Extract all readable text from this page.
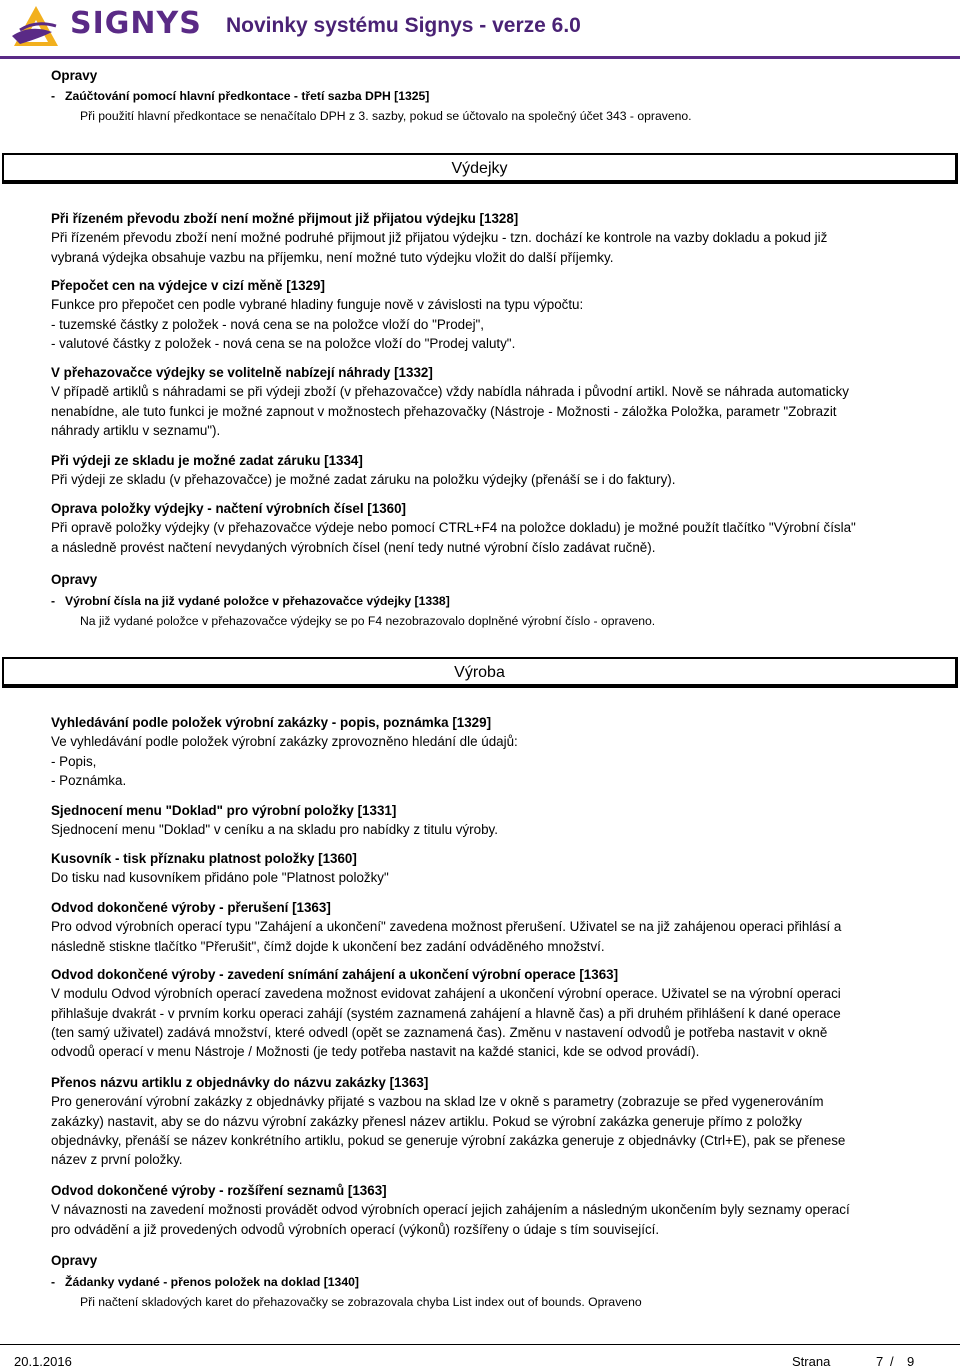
SIGNYS Novinky systému Signys - verze 6.0
Opravy
- Zaúčtování pomocí hlavní předkontace - třetí sazba DPH [1325]
Při použití hlavní předkontace se nenačítalo DPH z 3. sazby, pokud se účtovalo na společný účet 343 - opraveno.
Výdejky
Při řízeném převodu zboží není možné přijmout již přijatou výdejku [1328]
Při řízeném převodu zboží není možné podruhé přijmout již přijatou výdejku - tzn. dochází ke kontrole na vazby dokladu a pokud již
vybraná výdejka obsahuje vazbu na příjemku, není možné tuto výdejku vložit do další příjemky.
Přepočet cen na výdejce v cizí měně [1329]
Funkce pro přepočet cen podle vybrané hladiny funguje nově v závislosti na typu výpočtu:
- tuzemské částky z položek - nová cena se na položce vloží do "Prodej",
- valutové částky z položek - nová cena se na položce vloží do "Prodej valuty".
V přehazovačce výdejky se volitelně nabízejí náhrady [1332]
V případě artiklů s náhradami se při výdeji zboží (v přehazovačce) vždy nabídla náhrada i původní artikl. Nově se náhrada automaticky
nenabídne, ale tuto funkci je možné zapnout v možnostech přehazovačky (Nástroje - Možnosti - záložka Položka, parametr "Zobrazit
náhrady artiklu v seznamu").
Při výdeji ze skladu je možné zadat záruku [1334]
Při výdeji ze skladu (v přehazovačce) je možné zadat záruku na položku výdejky (přenáší se i do faktury).
Oprava položky výdejky - načtení výrobních čísel [1360]
Při opravě položky výdejky (v přehazovačce výdeje nebo pomocí CTRL+F4 na položce dokladu) je možné použít tlačítko "Výrobní čísla"
a následně provést načtení nevydaných výrobních čísel (není tedy nutné výrobní číslo zadávat ručně).
Opravy
- Výrobní čísla na již vydané položce v přehazovačce výdejky [1338]
Na již vydané položce v přehazovačce výdejky se po F4 nezobrazovalo doplněné výrobní číslo - opraveno.
Výroba
Vyhledávání podle položek výrobní zakázky - popis, poznámka [1329]
Ve vyhledávání podle položek výrobní zakázky zprovozněno hledání dle údajů:
- Popis,
- Poznámka.
Sjednocení menu "Doklad" pro výrobní položky [1331]
Sjednocení menu "Doklad" v ceníku a na skladu pro nabídky z titulu výroby.
Kusovník - tisk příznaku platnost položky [1360]
Do tisku nad kusovníkem přidáno pole "Platnost položky"
Odvod dokončené výroby - přerušení [1363]
Pro odvod výrobních operací typu "Zahájení a ukončení" zavedena možnost přerušení. Uživatel se na již zahájenou operaci přihlásí a
následně stiskne tlačítko "Přerušit", čímž dojde k ukončení bez zadání odváděného množství.
Odvod dokončené výroby - zavedení snímání zahájení a ukončení výrobní operace [1363]
V modulu Odvod výrobních operací zavedena možnost evidovat zahájení a ukončení výrobní operace. Uživatel se na výrobní operaci
přihlašuje dvakrát - v prvním korku operaci zahájí (systém zaznamená zahájení a hlavně čas) a při druhém přihlášení k dané operace
(ten samý uživatel) zadává množství, které odvedl (opět se zaznamená čas). Změnu v nastavení odvodů je potřeba nastavit v okně
odvodů operací v menu Nástroje / Možnosti (je tedy potřeba nastavit na každé stanici, kde se odvod provádí).
Přenos názvu artiklu z objednávky do názvu zakázky [1363]
Pro generování výrobní zakázky z objednávky přijaté s vazbou na sklad lze v okně s parametry (zobrazuje se před vygenerováním
zakázky) nastavit, aby se do názvu výrobní zakázky přenesl název artiklu. Pokud se výrobní zakázka generuje přímo z položky
objednávky, přenáší se název konkrétního artiklu, pokud se generuje výrobní zakázka generuje z objednávky (Ctrl+E), pak se přenese
název z první položky.
Odvod dokončené výroby - rozšíření seznamů [1363]
V návaznosti na zavedení možnosti provádět odvod výrobních operací jejich zahájením a následným ukončením byly seznamy operací
pro odvádění a již provedených odvodů výrobních operací (výkonů) rozšířeny o údaje s tím související.
Opravy
- Žádanky vydané - přenos položek na doklad [1340]
Při načtení skladových karet do přehazovačky se zobrazovala chyba List index out of bounds. Opraveno
20.1.2016	Strana	7 / 9
